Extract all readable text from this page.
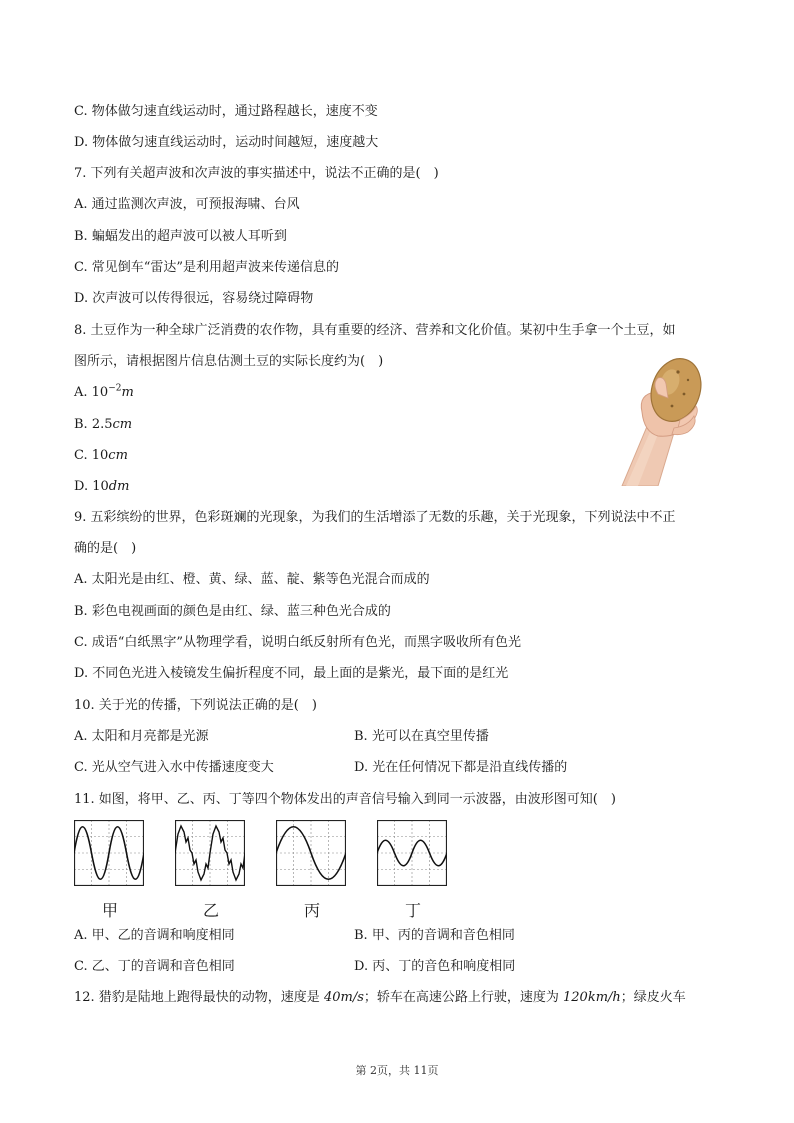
C. 物体做匀速直线运动时，通过路程越长，速度不变
D. 物体做匀速直线运动时，运动时间越短，速度越大
7. 下列有关超声波和次声波的事实描述中，说法不正确的是(　)
A. 通过监测次声波，可预报海啸、台风
B. 蝙蝠发出的超声波可以被人耳听到
C. 常见倒车“雷达”是利用超声波来传递信息的
D. 次声波可以传得很远，容易绕过障碍物
8. 土豆作为一种全球广泛消费的农作物，具有重要的经济、营养和文化价值。某初中生手拿一个土豆，如
图所示，请根据图片信息估测土豆的实际长度约为(　)
A. $10^{-2}m$
B. 2.5cm
C. 10cm
D. 10dm
9. 五彩缤纷的世界，色彩斑斓的光现象，为我们的生活增添了无数的乐趣，关于光现象，下列说法中不正
确的是(　)
A. 太阳光是由红、橙、黄、绿、蓝、靛、紫等色光混合而成的
B. 彩色电视画面的颜色是由红、绿、蓝三种色光合成的
C. 成语“白纸黑字”从物理学看，说明白纸反射所有色光，而黑字吸收所有色光
D. 不同色光进入棱镜发生偏折程度不同，最上面的是紫光，最下面的是红光
10. 关于光的传播，下列说法正确的是(　)
A. 太阳和月亮都是光源	B. 光可以在真空里传播
C. 光从空气进入水中传播速度变大	D. 光在任何情况下都是沿直线传播的
11. 如图，将甲、乙、丙、丁等四个物体发出的声音信号输入到同一示波器，由波形图可知(　)
甲	乙	丙	丁
A. 甲、乙的音调和响度相同	B. 甲、丙的音调和音色相同
C. 乙、丁的音调和音色相同	D. 丙、丁的音色和响度相同
12. 猎豹是陆地上跑得最快的动物，速度是 40m/s；轿车在高速公路上行驶，速度为 120km/h；绿皮火车
第 2页，共 11页
